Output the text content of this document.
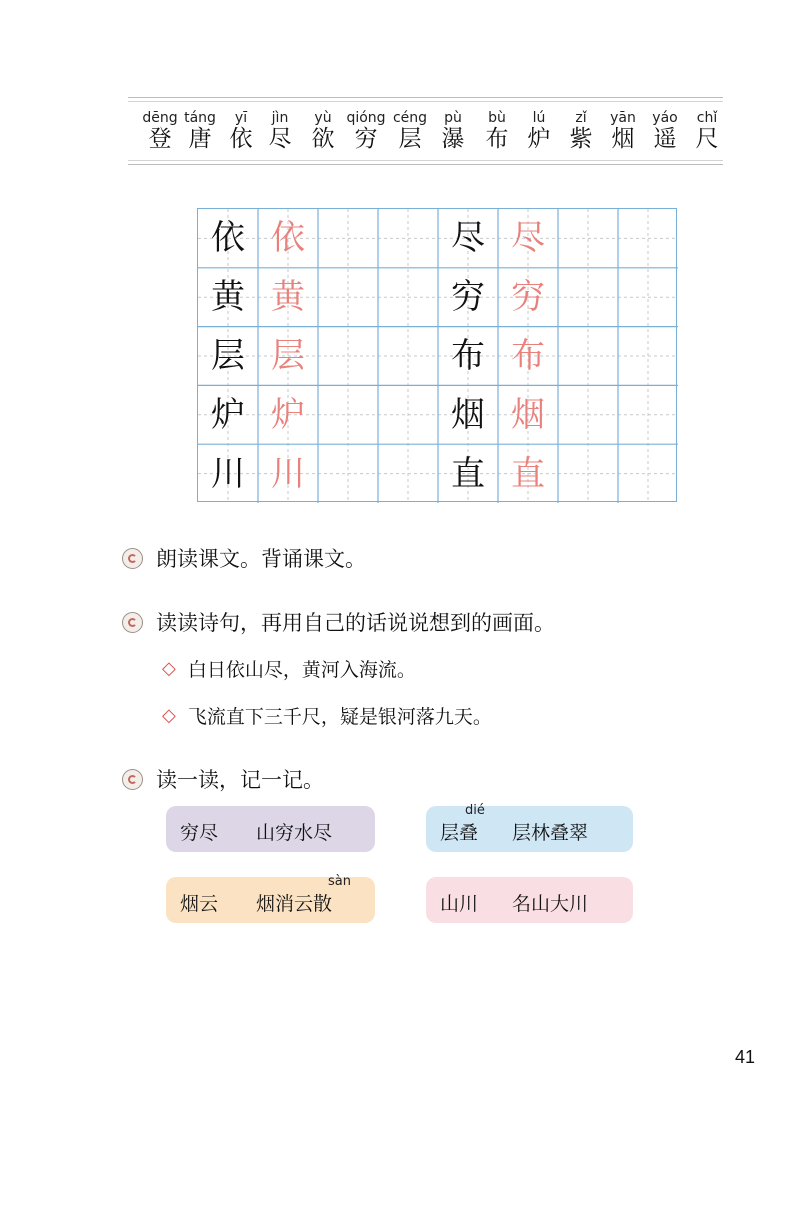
dēng
登
táng
唐
yī
依
jìn
尽
yù
欲
qióng
穷
céng
层
pù
瀑
bù
布
lú
炉
zǐ
紫
yān
烟
yáo
遥
chǐ
尺
依 依	尽 尽
黄 黄	穷 穷
层 层	布 布
炉 炉	烟 烟
川 川	直 直
朗读课文。背诵课文。
读读诗句，再用自己的话说说想到的画面。
◇ 白日依山尽，黄河入海流。
◇ 飞流直下三千尺，疑是银河落九天。
读一读，记一记。
穷尽 山穷水尽
dié
层叠 层林叠翠
sàn
烟云 烟消云散	山川 名山大川
41
